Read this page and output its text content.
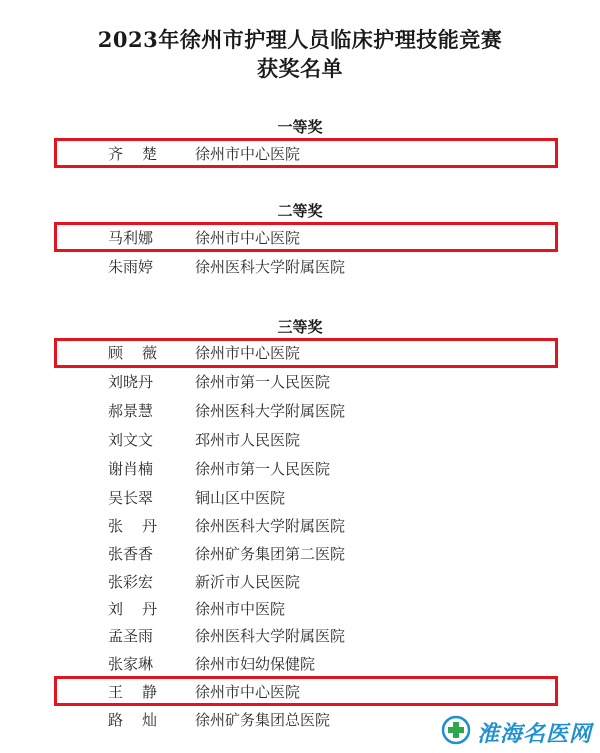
2023年徐州市护理人员临床护理技能竞赛
获奖名单
一等奖
齐楚 徐州市中心医院
二等奖
马利娜	徐州市中心医院
朱雨婷	徐州医科大学附属医院
三等奖
顾薇 徐州市中心医院
刘晓丹	徐州市第一人民医院
郝景慧	徐州医科大学附属医院
刘文文	邳州市人民医院
谢肖楠	徐州市第一人民医院
吴长翠	铜山区中医院
张丹 徐州医科大学附属医院
张香香	徐州矿务集团第二医院
张彩宏	新沂市人民医院
刘丹 徐州市中医院
孟圣雨	徐州医科大学附属医院
张家琳	徐州市妇幼保健院
王静 徐州市中心医院
路灿 徐州矿务集团总医院
淮海名医网
